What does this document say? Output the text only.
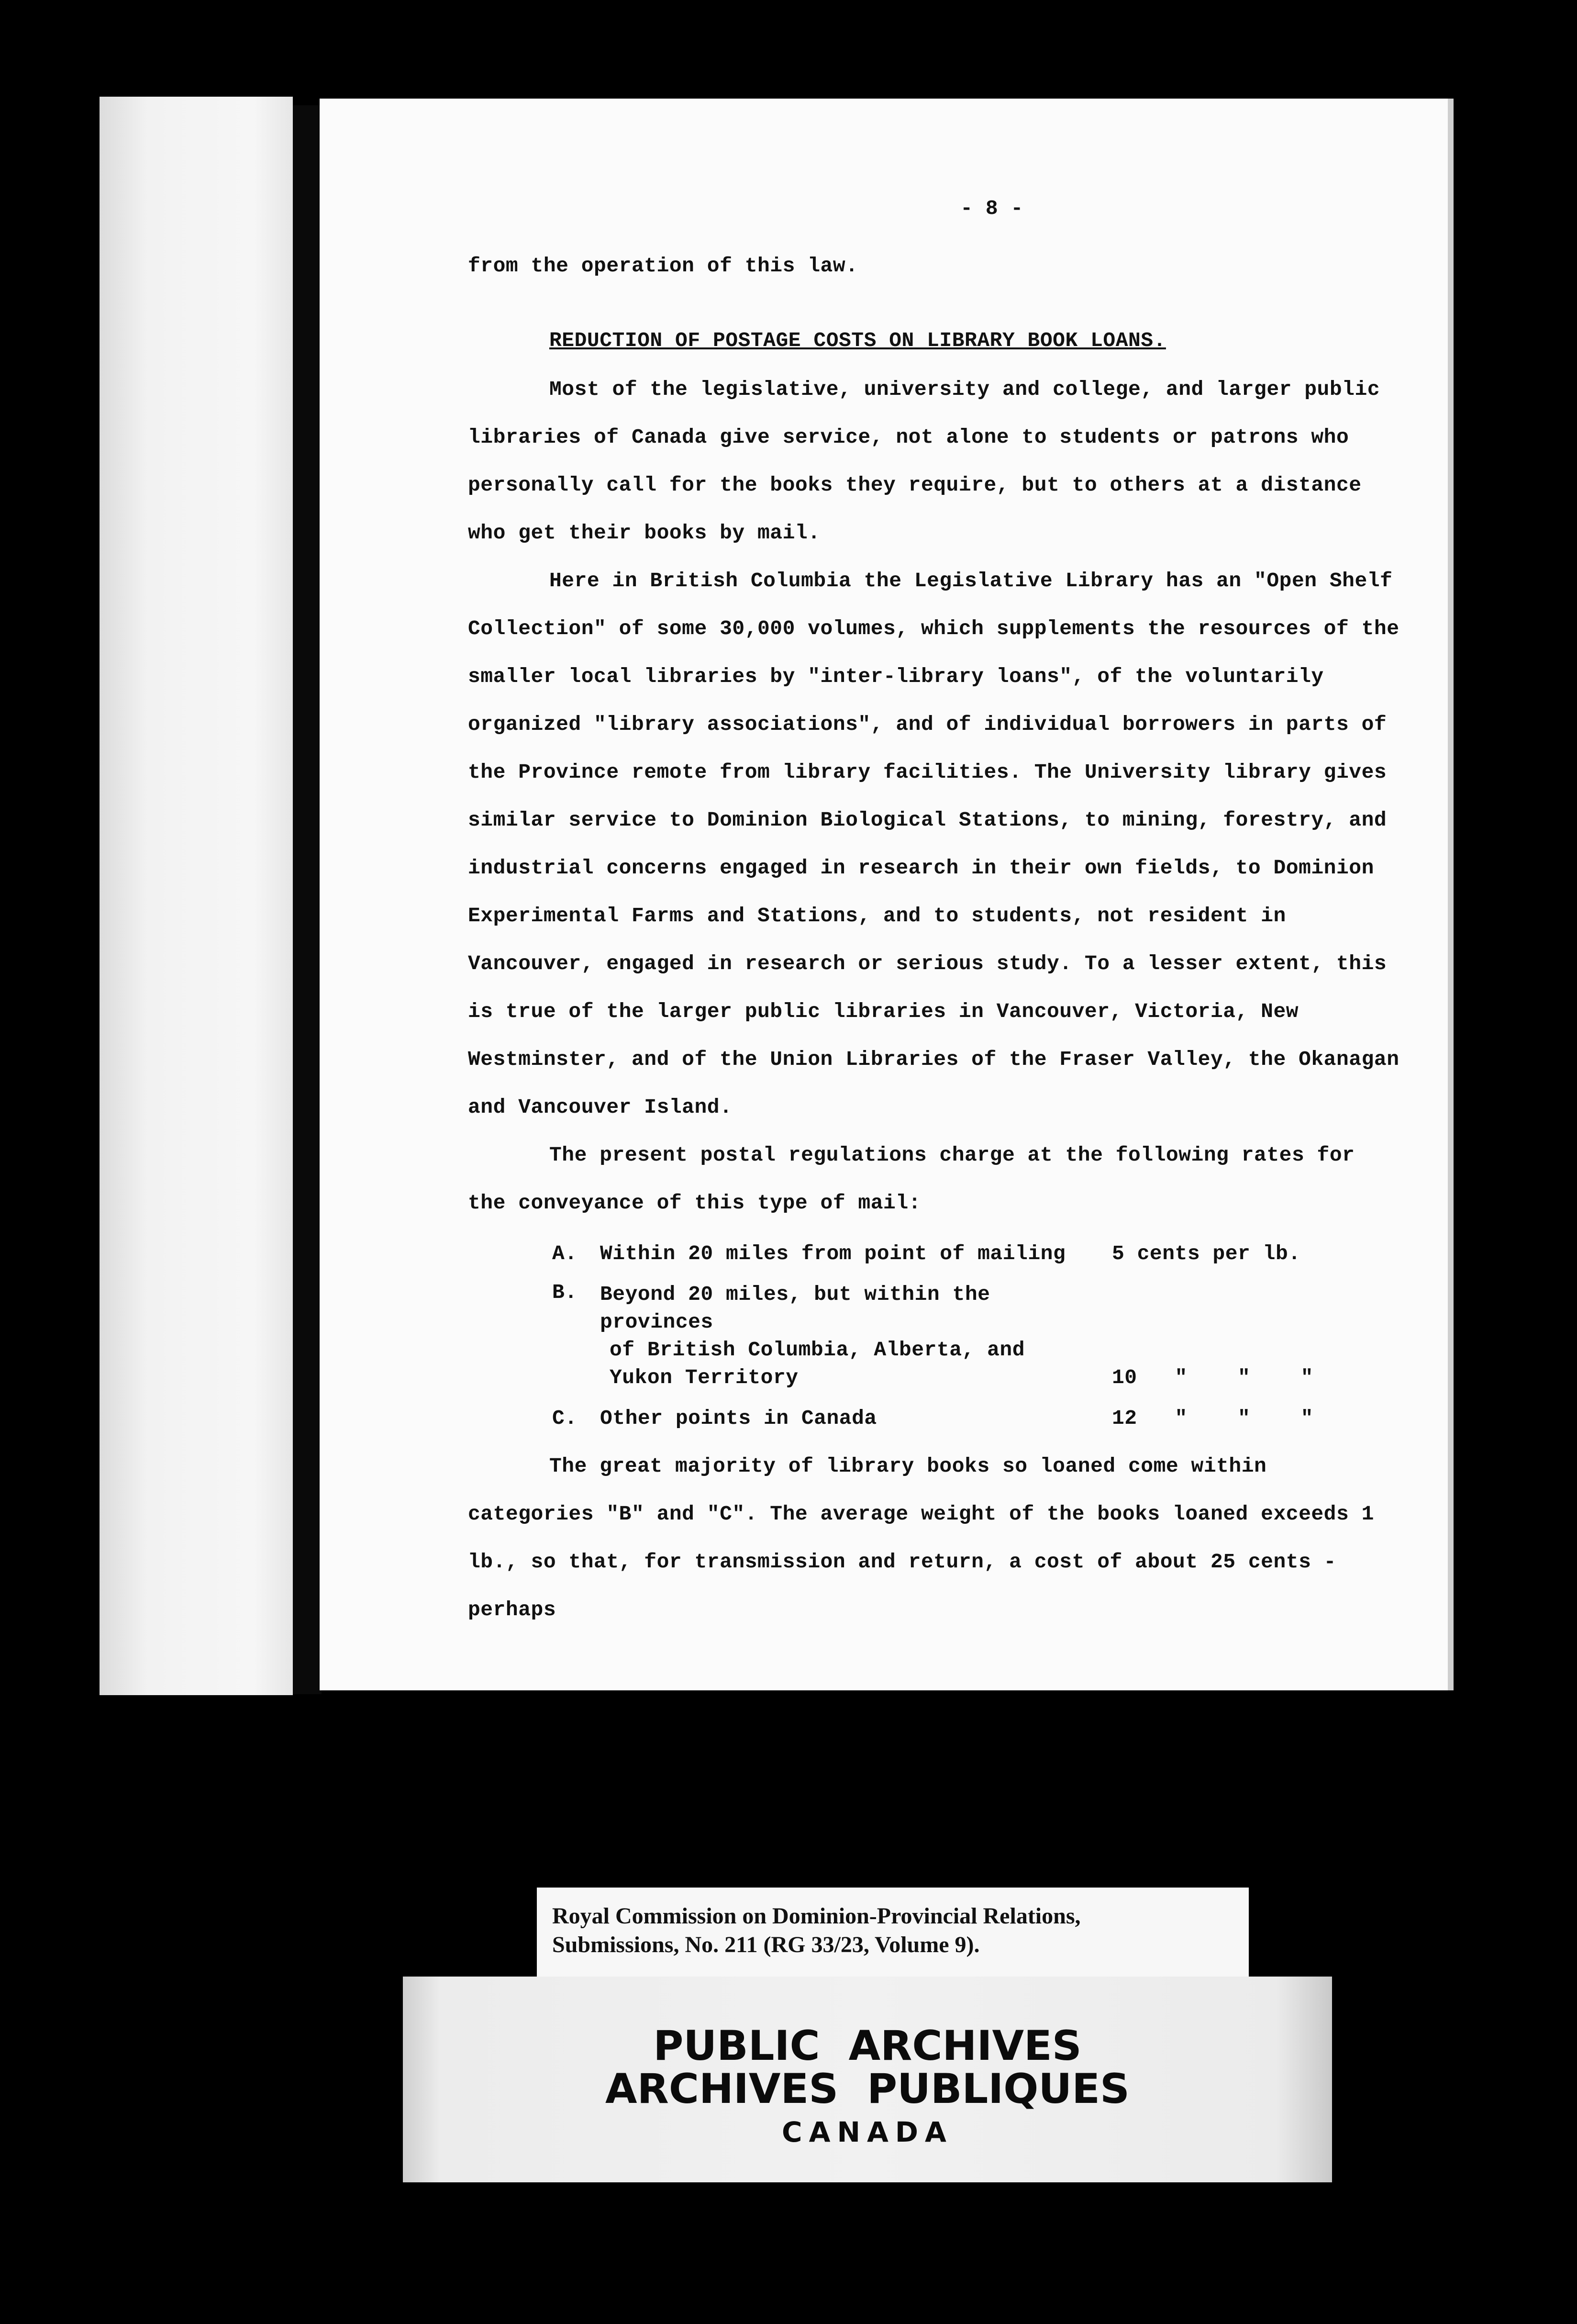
- 8 -

from the operation of this law.

REDUCTION OF POSTAGE COSTS ON LIBRARY BOOK LOANS.

Most of the legislative, university and college, and larger public libraries of Canada give service, not alone to students or patrons who personally call for the books they require, but to others at a distance who get their books by mail.

Here in British Columbia the Legislative Library has an "Open Shelf Collection" of some 30,000 volumes, which supplements the resources of the smaller local libraries by "inter-library loans", of the voluntarily organized "library associations", and of individual borrowers in parts of the Province remote from library facilities. The University library gives similar service to Dominion Biological Stations, to mining, forestry, and industrial concerns engaged in research in their own fields, to Dominion Experimental Farms and Stations, and to students, not resident in Vancouver, engaged in research or serious study. To a lesser extent, this is true of the larger public libraries in Vancouver, Victoria, New Westminster, and of the Union Libraries of the Fraser Valley, the Okanagan and Vancouver Island.

The present postal regulations charge at the following rates for the conveyance of this type of mail:

A.	Within 20 miles from point of mailing	5 cents per lb.
B.	Beyond 20 miles, but within the provinces
of British Columbia, Alberta, and
Yukon Territory	10   "    "    "
C.	Other points in Canada	12   "    "    "

The great majority of library books so loaned come within categories "B" and "C". The average weight of the books loaned exceeds 1 lb., so that, for transmission and return, a cost of about 25 cents - perhaps

Royal Commission on Dominion-Provincial Relations,
Submissions, No. 211 (RG 33/23, Volume 9).
PUBLIC ARCHIVES
ARCHIVES PUBLIQUES
CANADA
